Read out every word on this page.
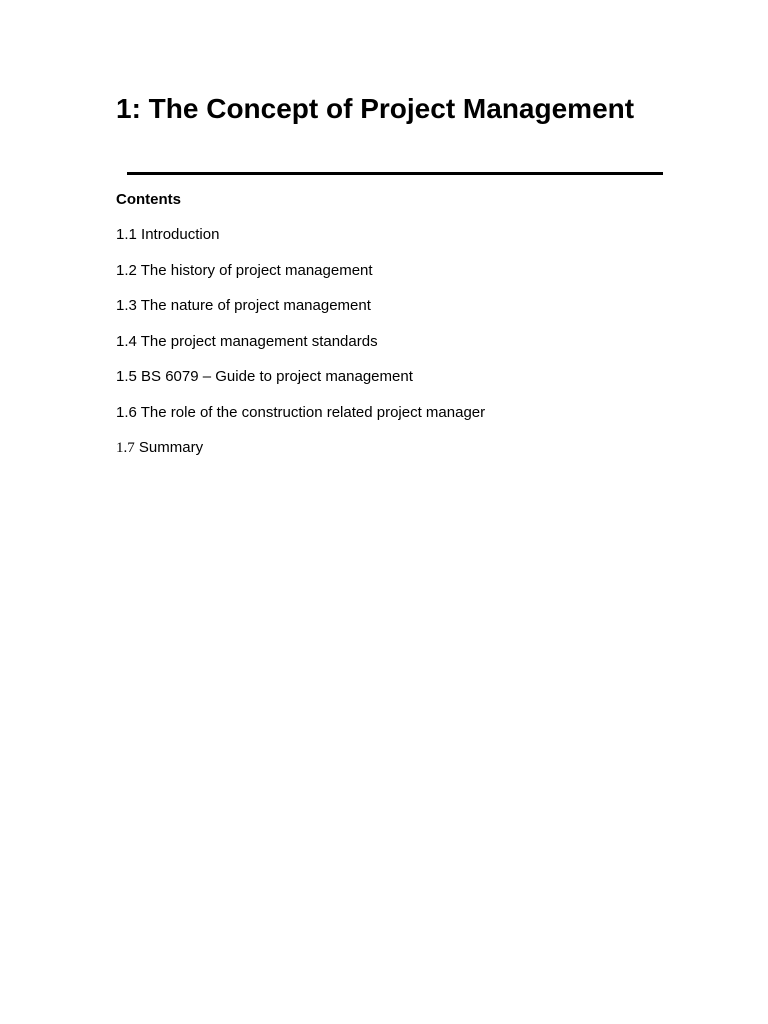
1: The Concept of Project Management
Contents
1.1 Introduction
1.2 The history of project management
1.3 The nature of project management
1.4 The project management standards
1.5 BS 6079 – Guide to project management
1.6 The role of the construction related project manager
1.7 Summary
